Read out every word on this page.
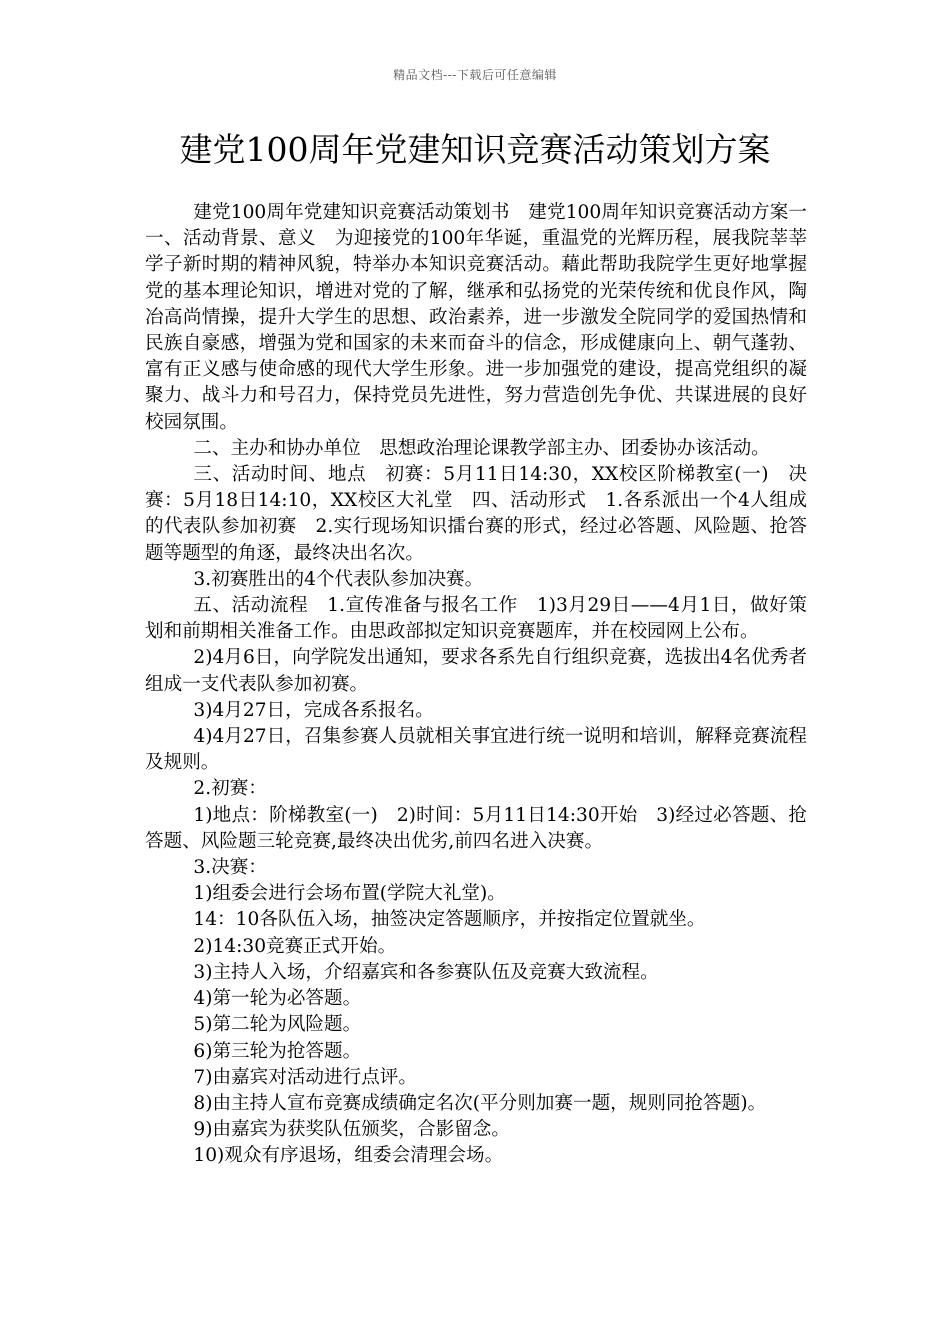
精品文档---下载后可任意编辑
建党100周年党建知识竞赛活动策划方案

建党100周年党建知识竞赛活动策划书　建党100周年知识竞赛活动方案一　一、活动背景、意义　为迎接党的100年华诞，重温党的光辉历程，展我院莘莘学子新时期的精神风貌，特举办本知识竞赛活动。藉此帮助我院学生更好地掌握党的基本理论知识，增进对党的了解，继承和弘扬党的光荣传统和优良作风，陶冶高尚情操，提升大学生的思想、政治素养，进一步激发全院同学的爱国热情和民族自豪感，增强为党和国家的未来而奋斗的信念，形成健康向上、朝气蓬勃、富有正义感与使命感的现代大学生形象。进一步加强党的建设，提高党组织的凝聚力、战斗力和号召力，保持党员先进性，努力营造创先争优、共谋进展的良好校园氛围。

二、主办和协办单位　思想政治理论课教学部主办、团委协办该活动。

三、活动时间、地点　初赛：5月11日14:30，XX校区阶梯教室(一)　决赛：5月18日14:10，XX校区大礼堂　四、活动形式　1.各系派出一个4人组成的代表队参加初赛　2.实行现场知识擂台赛的形式，经过必答题、风险题、抢答题等题型的角逐，最终决出名次。

3.初赛胜出的4个代表队参加决赛。

五、活动流程　1.宣传准备与报名工作　1)3月29日——4月1日，做好策划和前期相关准备工作。由思政部拟定知识竞赛题库，并在校园网上公布。

2)4月6日，向学院发出通知，要求各系先自行组织竞赛，选拔出4名优秀者组成一支代表队参加初赛。

3)4月27日，完成各系报名。

4)4月27日，召集参赛人员就相关事宜进行统一说明和培训，解释竞赛流程及规则。

2.初赛：

1)地点：阶梯教室(一)　2)时间：5月11日14:30开始　3)经过必答题、抢答题、风险题三轮竞赛,最终决出优劣,前四名进入决赛。

3.决赛：

1)组委会进行会场布置(学院大礼堂)。

14：10各队伍入场，抽签决定答题顺序，并按指定位置就坐。

2)14:30竞赛正式开始。

3)主持人入场，介绍嘉宾和各参赛队伍及竞赛大致流程。

4)第一轮为必答题。

5)第二轮为风险题。

6)第三轮为抢答题。

7)由嘉宾对活动进行点评。

8)由主持人宣布竞赛成绩确定名次(平分则加赛一题，规则同抢答题)。

9)由嘉宾为获奖队伍颁奖，合影留念。

10)观众有序退场，组委会清理会场。
